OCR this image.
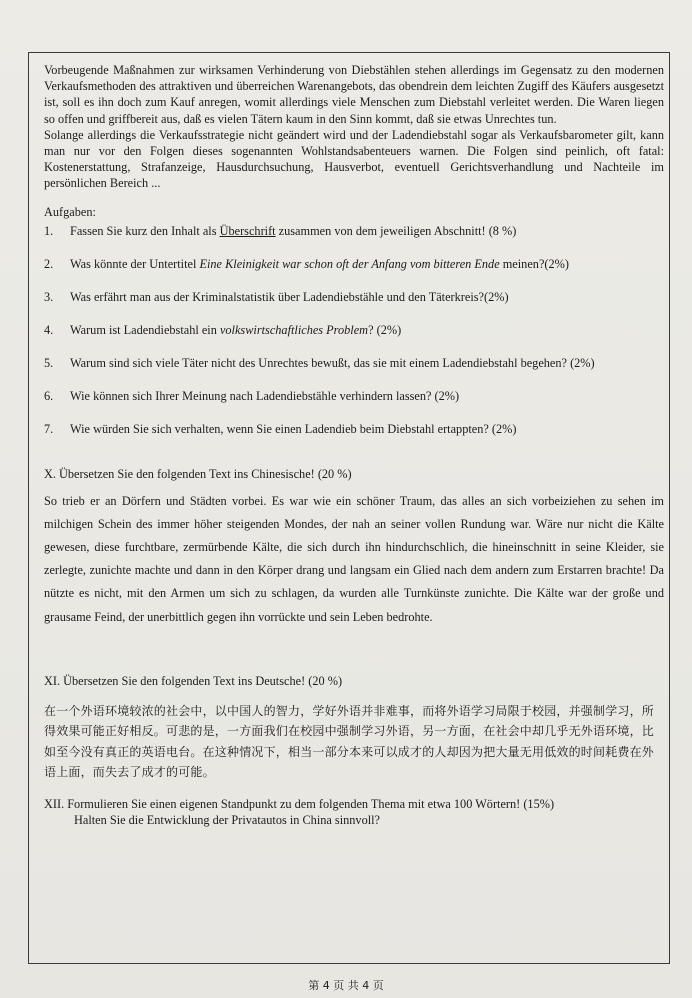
Vorbeugende Maßnahmen zur wirksamen Verhinderung von Diebstählen stehen allerdings im Gegensatz zu den modernen Verkaufsmethoden des attraktiven und überreichen Warenangebots, das obendrein dem leichten Zugiff des Käufers ausgesetzt ist, soll es ihn doch zum Kauf anregen, womit allerdings viele Menschen zum Diebstahl verleitet werden. Die Waren liegen so offen und griffbereit aus, daß es vielen Tätern kaum in den Sinn kommt, daß sie etwas Unrechtes tun.

Solange allerdings die Verkaufsstrategie nicht geändert wird und der Ladendiebstahl sogar als Verkaufsbarometer gilt, kann man nur vor den Folgen dieses sogenannten Wohlstandsabenteuers warnen. Die Folgen sind peinlich, oft fatal: Kostenerstattung, Strafanzeige, Hausdurchsuchung, Hausverbot, eventuell Gerichtsverhandlung und Nachteile im persönlichen Bereich ...

Aufgaben:
1.	Fassen Sie kurz den Inhalt als Überschrift zusammen von dem jeweiligen Abschnitt! (8 %)
2.	Was könnte der Untertitel Eine Kleinigkeit war schon oft der Anfang vom bitteren Ende meinen?(2%)
3.	Was erfährt man aus der Kriminalstatistik über Ladendiebstähle und den Täterkreis?(2%)
4.	Warum ist Ladendiebstahl ein volkswirtschaftliches Problem? (2%)
5.	Warum sind sich viele Täter nicht des Unrechtes bewußt, das sie mit einem Ladendiebstahl begehen? (2%)
6.	Wie können sich Ihrer Meinung nach Ladendiebstähle verhindern lassen? (2%)
7.	Wie würden Sie sich verhalten, wenn Sie einen Ladendieb beim Diebstahl ertappten? (2%)

X. Übersetzen Sie den folgenden Text ins Chinesische! (20 %)

So trieb er an Dörfern und Städten vorbei. Es war wie ein schöner Traum, das alles an sich vorbeiziehen zu sehen im milchigen Schein des immer höher steigenden Mondes, der nah an seiner vollen Rundung war. Wäre nur nicht die Kälte gewesen, diese furchtbare, zermürbende Kälte, die sich durch ihn hindurchschlich, die hineinschnitt in seine Kleider, sie zerlegte, zunichte machte und dann in den Körper drang und langsam ein Glied nach dem andern zum Erstarren brachte! Da nützte es nicht, mit den Armen um sich zu schlagen, da wurden alle Turnkünste zunichte. Die Kälte war der große und grausame Feind, der unerbittlich gegen ihn vorrückte und sein Leben bedrohte.

XI. Übersetzen Sie den folgenden Text ins Deutsche! (20 %)

在一个外语环境较浓的社会中，以中国人的智力，学好外语并非难事，而将外语学习局限于校园，并强制学习，所得效果可能正好相反。可悲的是，一方面我们在校园中强制学习外语，另一方面，在社会中却几乎无外语环境，比如至今没有真正的英语电台。在这种情况下，相当一部分本来可以成才的人却因为把大量无用低效的时间耗费在外语上面，而失去了成才的可能。

XII. Formulieren Sie einen eigenen Standpunkt zu dem folgenden Thema mit etwa 100 Wörtern! (15%)
Halten Sie die Entwicklung der Privatautos in China sinnvoll?

第 4 页 共 4 页
